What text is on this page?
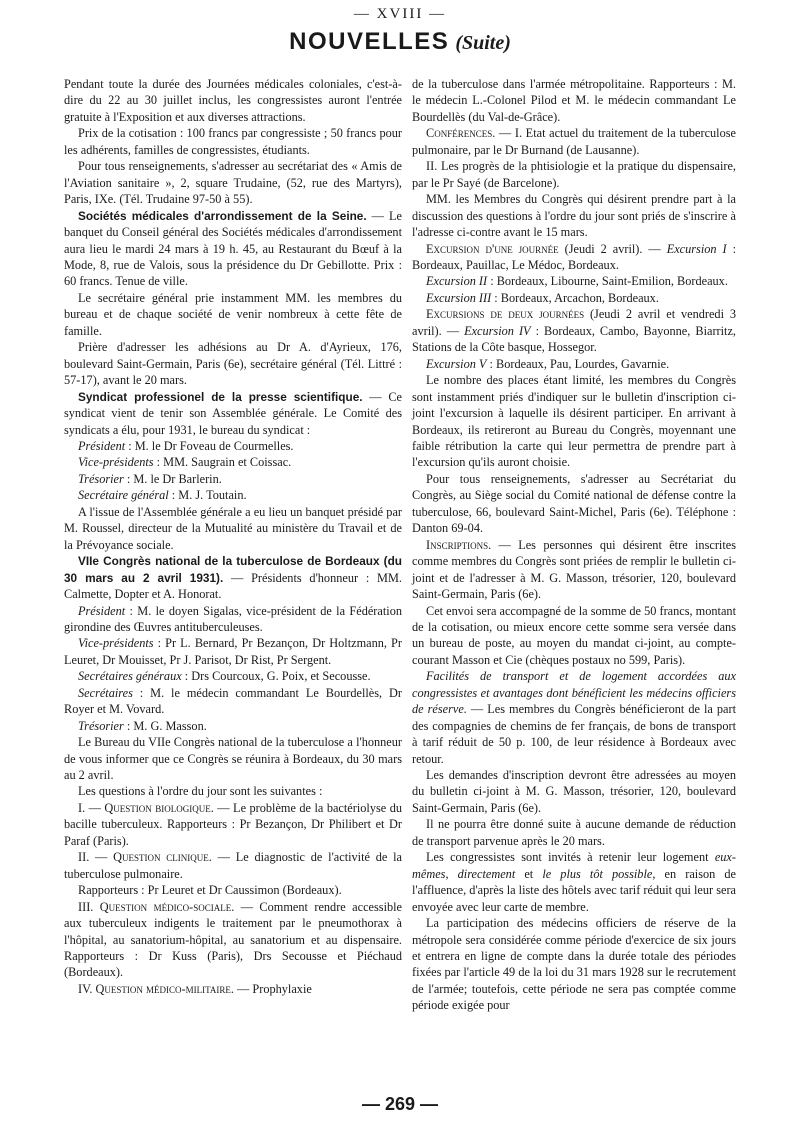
— XVIII —
NOUVELLES (Suite)

Pendant toute la durée des Journées médicales coloniales, c'est-à-dire du 22 au 30 juillet inclus, les congressistes auront l'entrée gratuite à l'Exposition et aux diverses attractions.

Prix de la cotisation : 100 francs par congressiste ; 50 francs pour les adhérents, familles de congressistes, étudiants.

Pour tous renseignements, s'adresser au secrétariat des « Amis de l'Aviation sanitaire », 2, square Trudaine, (52, rue des Martyrs), Paris, IXe. (Tél. Trudaine 97-50 à 55).

Sociétés médicales d'arrondissement de la Seine. — Le banquet du Conseil général des Sociétés médicales d'arrondissement aura lieu le mardi 24 mars à 19 h. 45, au Restaurant du Bœuf à la Mode, 8, rue de Valois, sous la présidence du Dr Gebillotte. Prix : 60 francs. Tenue de ville.

Le secrétaire général prie instamment MM. les membres du bureau et de chaque société de venir nombreux à cette fête de famille.

Prière d'adresser les adhésions au Dr A. d'Ayrieux, 176, boulevard Saint-Germain, Paris (6e), secrétaire général (Tél. Littré : 57-17), avant le 20 mars.

Syndicat professionel de la presse scientifique. — Ce syndicat vient de tenir son Assemblée générale. Le Comité des syndicats a élu, pour 1931, le bureau du syndicat :

Président : M. le Dr Foveau de Courmelles.

Vice-présidents : MM. Saugrain et Coissac.

Trésorier : M. le Dr Barlerin.

Secrétaire général : M. J. Toutain.

A l'issue de l'Assemblée générale a eu lieu un banquet présidé par M. Roussel, directeur de la Mutualité au ministère du Travail et de la Prévoyance sociale.

VIIe Congrès national de la tuberculose de Bordeaux (du 30 mars au 2 avril 1931). — Présidents d'honneur : MM. Calmette, Dopter et A. Honorat.

Président : M. le doyen Sigalas, vice-président de la Fédération girondine des Œuvres antituberculeuses.

Vice-présidents : Pr L. Bernard, Pr Bezançon, Dr Holtzmann, Pr Leuret, Dr Mouisset, Pr J. Parisot, Dr Rist, Pr Sergent.

Secrétaires généraux : Drs Courcoux, G. Poix, et Secousse.

Secrétaires : M. le médecin commandant Le Bourdellès, Dr Royer et M. Vovard.

Trésorier : M. G. Masson.

Le Bureau du VIIe Congrès national de la tuberculose a l'honneur de vous informer que ce Congrès se réunira à Bordeaux, du 30 mars au 2 avril.

Les questions à l'ordre du jour sont les suivantes :

I. — Question biologique. — Le problème de la bactériolyse du bacille tuberculeux. Rapporteurs : Pr Bezançon, Dr Philibert et Dr Paraf (Paris).

II. — Question clinique. — Le diagnostic de l'activité de la tuberculose pulmonaire.

Rapporteurs : Pr Leuret et Dr Caussimon (Bordeaux).

III. Question médico-sociale. — Comment rendre accessible aux tuberculeux indigents le traitement par le pneumothorax à l'hôpital, au sanatorium-hôpital, au sanatorium et au dispensaire. Rapporteurs : Dr Kuss (Paris), Drs Secousse et Piéchaud (Bordeaux).

IV. Question médico-militaire. — Prophylaxie

de la tuberculose dans l'armée métropolitaine. Rapporteurs : M. le médecin L.-Colonel Pilod et M. le médecin commandant Le Bourdellès (du Val-de-Grâce).

Conférences. — I. Etat actuel du traitement de la tuberculose pulmonaire, par le Dr Burnand (de Lausanne).

II. Les progrès de la phtisiologie et la pratique du dispensaire, par le Pr Sayé (de Barcelone).

MM. les Membres du Congrès qui désirent prendre part à la discussion des questions à l'ordre du jour sont priés de s'inscrire à l'adresse ci-contre avant le 15 mars.

Excursion d'une journée (Jeudi 2 avril). — Excursion I : Bordeaux, Pauillac, Le Médoc, Bordeaux.

Excursion II : Bordeaux, Libourne, Saint-Emilion, Bordeaux.

Excursion III : Bordeaux, Arcachon, Bordeaux.

Excursions de deux journées (Jeudi 2 avril et vendredi 3 avril). — Excursion IV : Bordeaux, Cambo, Bayonne, Biarritz, Stations de la Côte basque, Hossegor.

Excursion V : Bordeaux, Pau, Lourdes, Gavarnie.

Le nombre des places étant limité, les membres du Congrès sont instamment priés d'indiquer sur le bulletin d'inscription ci-joint l'excursion à laquelle ils désirent participer. En arrivant à Bordeaux, ils retireront au Bureau du Congrès, moyennant une faible rétribution la carte qui leur permettra de prendre part à l'excursion qu'ils auront choisie.

Pour tous renseignements, s'adresser au Secrétariat du Congrès, au Siège social du Comité national de défense contre la tuberculose, 66, boulevard Saint-Michel, Paris (6e). Téléphone : Danton 69-04.

Inscriptions. — Les personnes qui désirent être inscrites comme membres du Congrès sont priées de remplir le bulletin ci-joint et de l'adresser à M. G. Masson, trésorier, 120, boulevard Saint-Germain, Paris (6e).

Cet envoi sera accompagné de la somme de 50 francs, montant de la cotisation, ou mieux encore cette somme sera versée dans un bureau de poste, au moyen du mandat ci-joint, au compte-courant Masson et Cie (chèques postaux no 599, Paris).

Facilités de transport et de logement accordées aux congressistes et avantages dont bénéficient les médecins officiers de réserve. — Les membres du Congrès bénéficieront de la part des compagnies de chemins de fer français, de bons de transport à tarif réduit de 50 p. 100, de leur résidence à Bordeaux avec retour.

Les demandes d'inscription devront être adressées au moyen du bulletin ci-joint à M. G. Masson, trésorier, 120, boulevard Saint-Germain, Paris (6e).

Il ne pourra être donné suite à aucune demande de réduction de transport parvenue après le 20 mars.

Les congressistes sont invités à retenir leur logement eux-mêmes, directement et le plus tôt possible, en raison de l'affluence, d'après la liste des hôtels avec tarif réduit qui leur sera envoyée avec leur carte de membre.

La participation des médecins officiers de réserve de la métropole sera considérée comme période d'exercice de six jours et entrera en ligne de compte dans la durée totale des périodes fixées par l'article 49 de la loi du 31 mars 1928 sur le recrutement de l'armée; toutefois, cette période ne sera pas comptée comme période exigée pour

— 269 —
